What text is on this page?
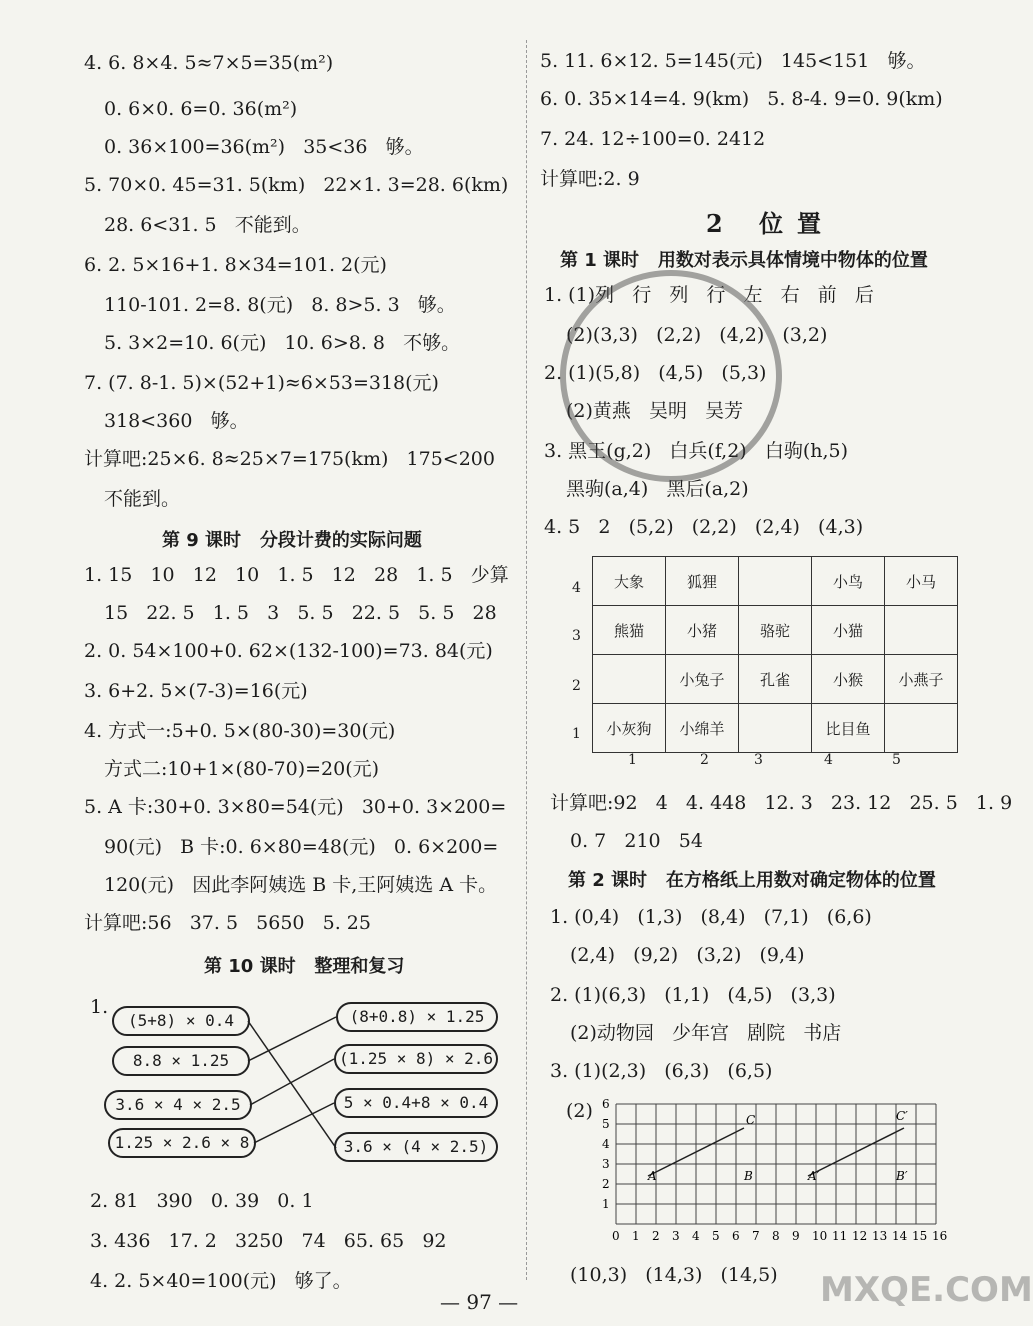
4. 6. 8×4. 5≈7×5=35(m²)
0. 6×0. 6=0. 36(m²)
0. 36×100=36(m²)   35<36   够。
5. 70×0. 45=31. 5(km)   22×1. 3=28. 6(km)
28. 6<31. 5   不能到。
6. 2. 5×16+1. 8×34=101. 2(元)
110-101. 2=8. 8(元)   8. 8>5. 3   够。
5. 3×2=10. 6(元)   10. 6>8. 8   不够。
7. (7. 8-1. 5)×(52+1)≈6×53=318(元)
318<360   够。
计算吧:25×6. 8≈25×7=175(km)   175<200
不能到。
第 9 课时   分段计费的实际问题
1. 15   10   12   10   1. 5   12   28   1. 5   少算
15   22. 5   1. 5   3   5. 5   22. 5   5. 5   28
2. 0. 54×100+0. 62×(132-100)=73. 84(元)
3. 6+2. 5×(7-3)=16(元)
4. 方式一:5+0. 5×(80-30)=30(元)
方式二:10+1×(80-70)=20(元)
5. A 卡:30+0. 3×80=54(元)   30+0. 3×200=
90(元)   B 卡:0. 6×80=48(元)   0. 6×200=
120(元)   因此李阿姨选 B 卡,王阿姨选 A 卡。
计算吧:56   37. 5   5650   5. 25
第 10 课时   整理和复习
1.
(5+8) × 0.4
8.8 × 1.25
3.6 × 4 × 2.5
1.25 × 2.6 × 8
(8+0.8) × 1.25
(1.25 × 8) × 2.6
5 × 0.4+8 × 0.4
3.6 × (4 × 2.5)
2. 81   390   0. 39   0. 1
3. 436   17. 2   3250   74   65. 65   92
4. 2. 5×40=100(元)   够了。
5. 11. 6×12. 5=145(元)   145<151   够。
6. 0. 35×14=4. 9(km)   5. 8-4. 9=0. 9(km)
7. 24. 12÷100=0. 2412
计算吧:2. 9
2 位置
第 1 课时   用数对表示具体情境中物体的位置
1. (1)列   行   列   行   左   右   前   后
(2)(3,3)   (2,2)   (4,2)   (3,2)
2. (1)(5,8)   (4,5)   (5,3)
(2)黄燕   吴明   吴芳
3. 黑王(g,2)   白兵(f,2)   白驹(h,5)
黑驹(a,4)   黑后(a,2)
4. 5   2   (5,2)   (2,2)   (2,4)   (4,3)
4
3
2
1
大象	狐狸		小鸟	小马
熊猫	小猪	骆驼	小猫	
	小兔子	孔雀	小猴	小燕子
小灰狗	小绵羊		比目鱼	
1	2	3	4	5
计算吧:92   4   4. 448   12. 3   23. 12   25. 5   1. 9
0. 7   210   54
第 2 课时   在方格纸上用数对确定物体的位置
1. (0,4)   (1,3)   (8,4)   (7,1)   (6,6)
(2,4)   (9,2)   (3,2)   (9,4)
2. (1)(6,3)   (1,1)   (4,5)   (3,3)
(2)动物园   少年宫   剧院   书店
3. (1)(2,3)   (6,3)   (6,5)
(2)
0 1 2 3 4 5 6 7 8 9 10 11 12 13 14 15 16
1
2
3
4
5
6
A	B
C
A′	B′
C′
(10,3)   (14,3)   (14,5)
— 97 —	MXQE.COM
